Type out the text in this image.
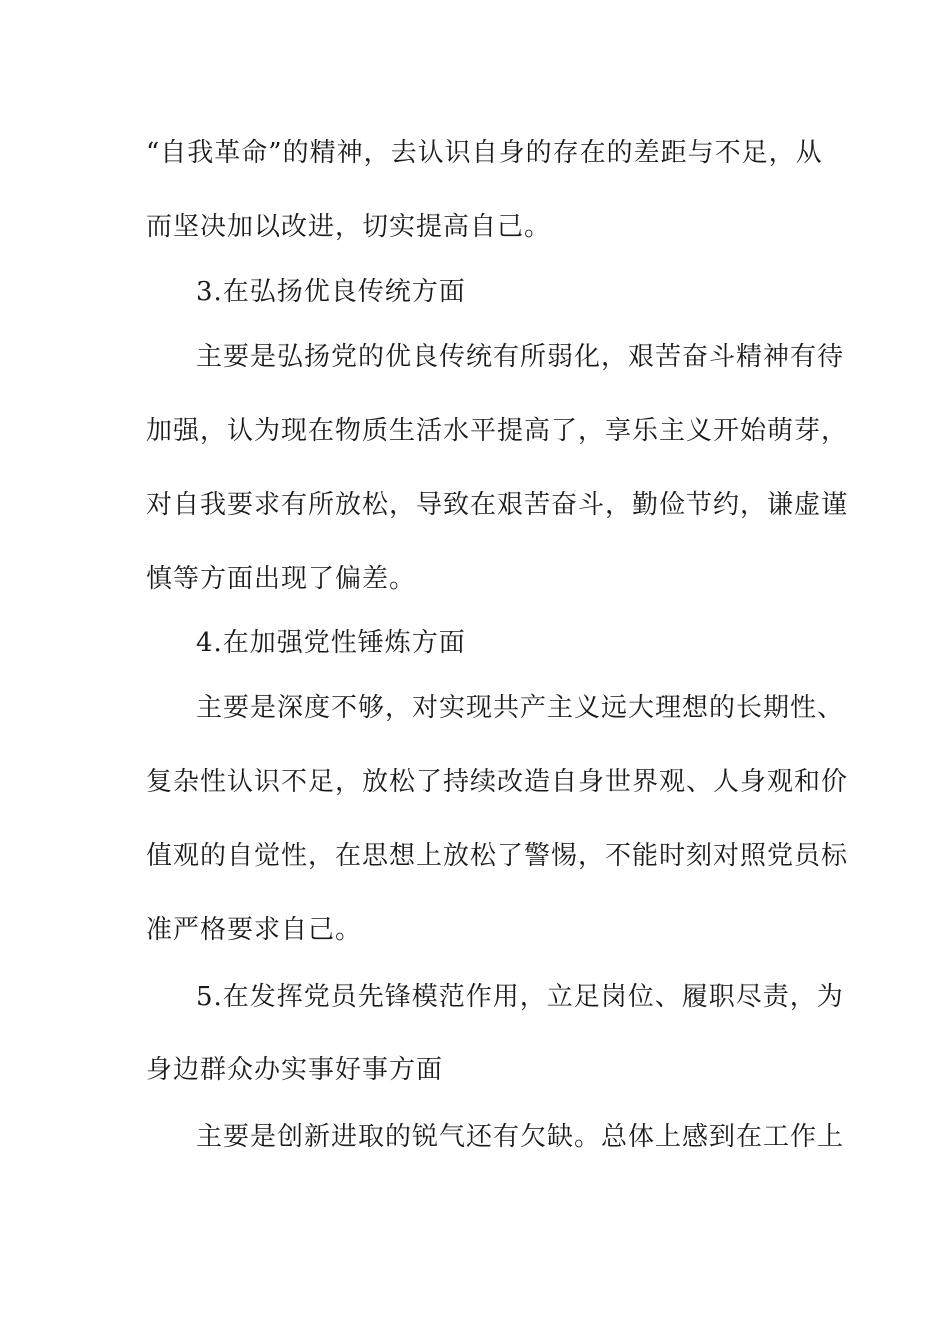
“自我革命”的精神，去认识自身的存在的差距与不足，从
而坚决加以改进，切实提高自己。
3.在弘扬优良传统方面
主要是弘扬党的优良传统有所弱化，艰苦奋斗精神有待
加强，认为现在物质生活水平提高了，享乐主义开始萌芽，
对自我要求有所放松，导致在艰苦奋斗，勤俭节约，谦虚谨
慎等方面出现了偏差。
4.在加强党性锤炼方面
主要是深度不够，对实现共产主义远大理想的长期性、
复杂性认识不足，放松了持续改造自身世界观、人身观和价
值观的自觉性，在思想上放松了警惕，不能时刻对照党员标
准严格要求自己。
5.在发挥党员先锋模范作用，立足岗位、履职尽责，为
身边群众办实事好事方面
主要是创新进取的锐气还有欠缺。总体上感到在工作上
